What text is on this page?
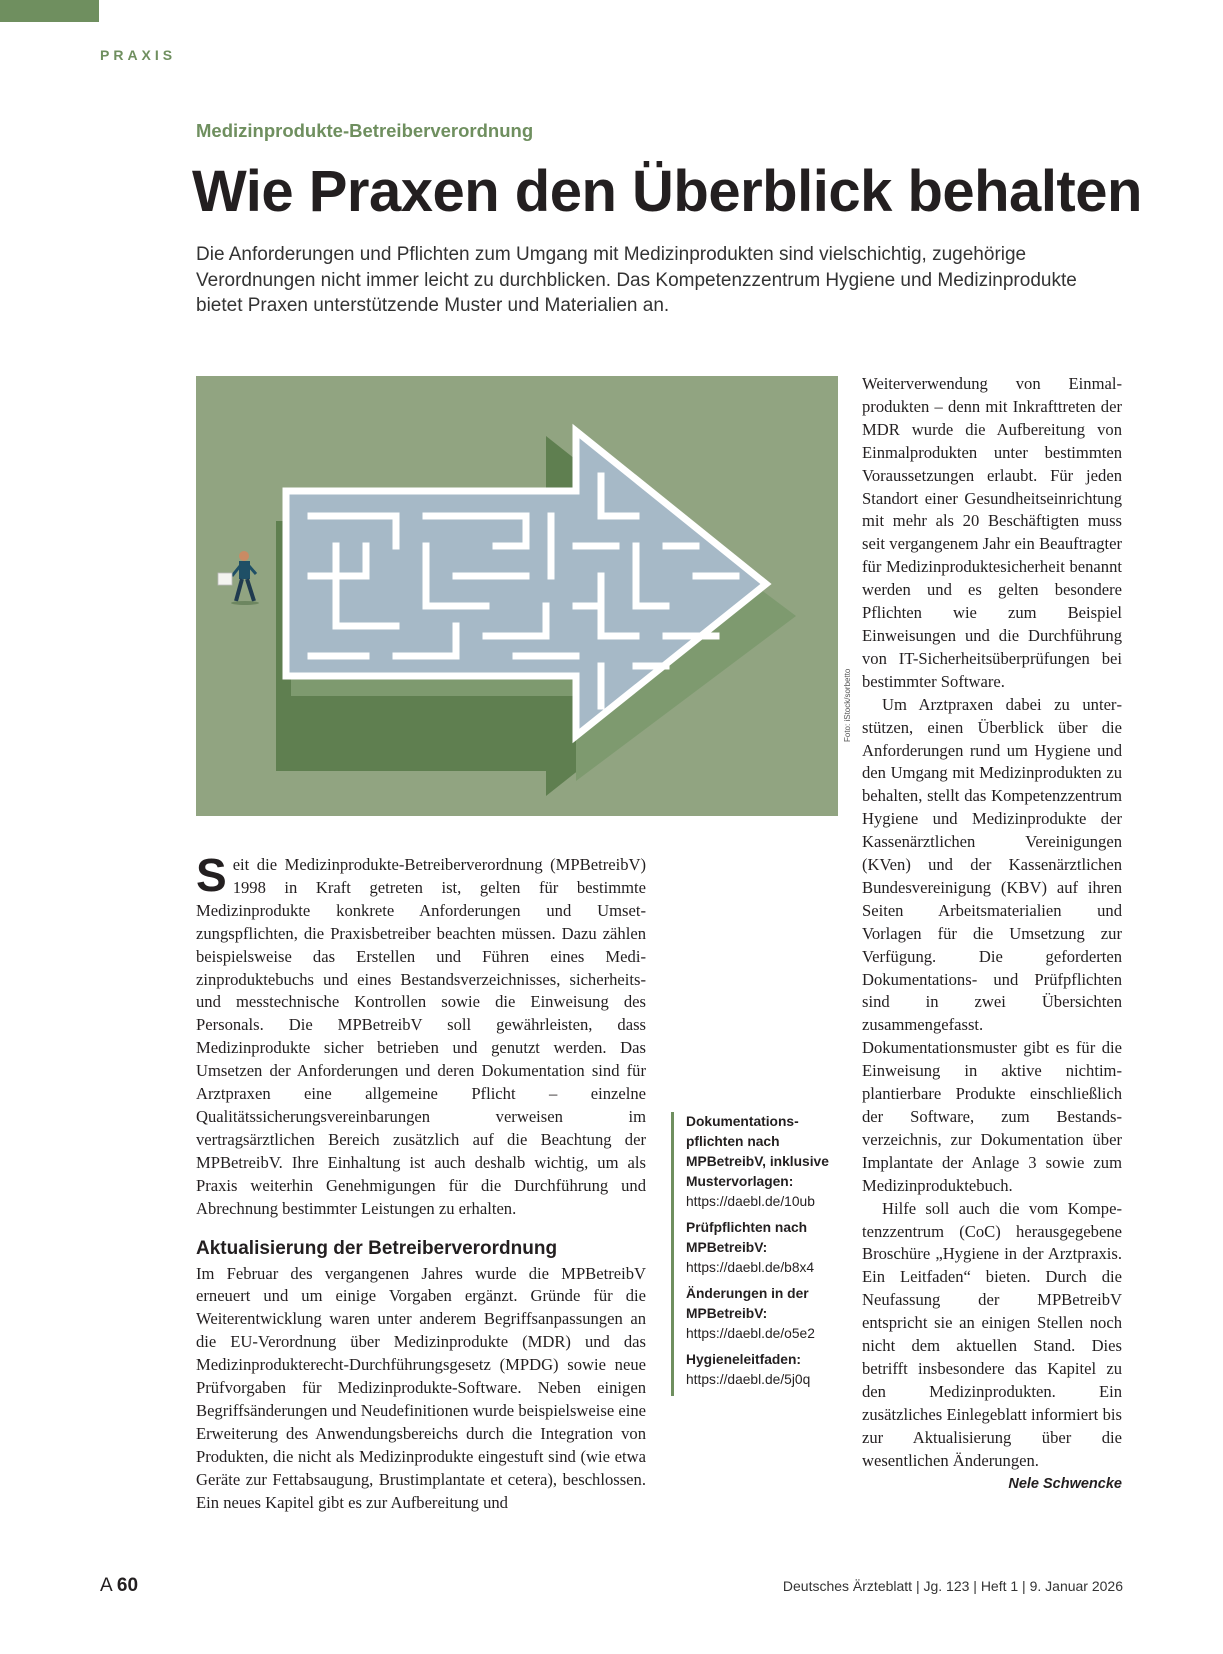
PRAXIS
Medizinprodukte-Betreiberverordnung
Wie Praxen den Überblick behalten
Die Anforderungen und Pflichten zum Umgang mit Medizinprodukten sind vielschichtig, zugehörige Verordnungen nicht immer leicht zu durchblicken. Das Kompetenzzentrum Hygiene und Medizinprodukte bietet Praxen unterstützende Muster und Materialien an.
Foto: iStock/sorbetto

Seit die Medizinprodukte-Betreiberverordnung (MPBetreibV) 1998 in Kraft getreten ist, gelten für bestimmte Medizinprodukte konkrete Anforderungen und Umsetzungspflichten, die Praxisbetreiber beachten müssen. Dazu zählen beispielsweise das Erstellen und Führen eines Medizinproduktebuchs und eines Bestandsverzeichnisses, sicherheits- und messtechnische Kontrollen sowie die Einweisung des Personals. Die MPBetreibV soll gewährleisten, dass Medizinprodukte sicher betrieben und genutzt werden. Das Umsetzen der Anforderungen und deren Dokumentation sind für Arztpraxen eine allgemeine Pflicht – einzelne Qualitätssicherungsvereinbarungen verweisen im vertragsärztlichen Bereich zusätzlich auf die Beachtung der MPBetreibV. Ihre Einhaltung ist auch deshalb wichtig, um als Praxis weiterhin Genehmigungen für die Durchführung und Abrechnung bestimmter Leistungen zu erhalten.

Aktualisierung der Betreiberverordnung

Im Februar des vergangenen Jahres wurde die MPBetreibV erneuert und um einige Vorgaben ergänzt. Gründe für die Weiterentwicklung waren unter anderem Begriffsanpassungen an die EU-Verordnung über Medizinprodukte (MDR) und das Medizinprodukterecht-Durchführungsgesetz (MPDG) sowie neue Prüfvorgaben für Medizinprodukte-Software. Neben einigen Begriffsänderungen und Neudefinitionen wurde beispielsweise eine Erweiterung des Anwendungsbereichs durch die Integration von Produkten, die nicht als Medizinprodukte eingestuft sind (wie etwa Geräte zur Fettabsaugung, Brustimplantate et cetera), beschlossen. Ein neues Kapitel gibt es zur Aufbereitung und

Dokumentationspflichten nach MPBetreibV, inklusive Mustervorlagen:
https://daebl.de/10ub
Prüfpflichten nach MPBetreibV:
https://daebl.de/b8x4
Änderungen in der MPBetreibV:
https://daebl.de/o5e2
Hygieneleitfaden:
https://daebl.de/5j0q

Weiterverwendung von Einmalprodukten – denn mit Inkrafttreten der MDR wurde die Aufbereitung von Einmalprodukten unter bestimmten Voraussetzungen erlaubt. Für jeden Standort einer Gesundheitseinrichtung mit mehr als 20 Beschäftigten muss seit vergangenem Jahr ein Beauftragter für Medizinproduktesicherheit benannt werden und es gelten besondere Pflichten wie zum Beispiel Einweisungen und die Durchführung von IT-Sicherheitsüberprüfungen bei bestimmter Software.

Um Arztpraxen dabei zu unterstützen, einen Überblick über die Anforderungen rund um Hygiene und den Umgang mit Medizinprodukten zu behalten, stellt das Kompetenzzentrum Hygiene und Medizinprodukte der Kassenärztlichen Vereinigungen (KVen) und der Kassenärztlichen Bundesvereinigung (KBV) auf ihren Seiten Arbeitsmaterialien und Vorlagen für die Umsetzung zur Verfügung. Die geforderten Dokumentations- und Prüfpflichten sind in zwei Übersichten zusammengefasst. Dokumentationsmuster gibt es für die Einweisung in aktive nichtimplantierbare Produkte einschließlich der Software, zum Bestandsverzeichnis, zur Dokumentation über Implantate der Anlage 3 sowie zum Medizinproduktebuch.

Hilfe soll auch die vom Kompetenzzentrum (CoC) herausgegebene Broschüre „Hygiene in der Arztpraxis. Ein Leitfaden“ bieten. Durch die Neufassung der MPBetreibV entspricht sie an einigen Stellen noch nicht dem aktuellen Stand. Dies betrifft insbesondere das Kapitel zu den Medizinprodukten. Ein zusätzliches Einlegeblatt informiert bis zur Aktualisierung über die wesentlichen Änderungen.
Nele Schwencke

A 60	Deutsches Ärzteblatt | Jg. 123 | Heft 1 | 9. Januar 2026
